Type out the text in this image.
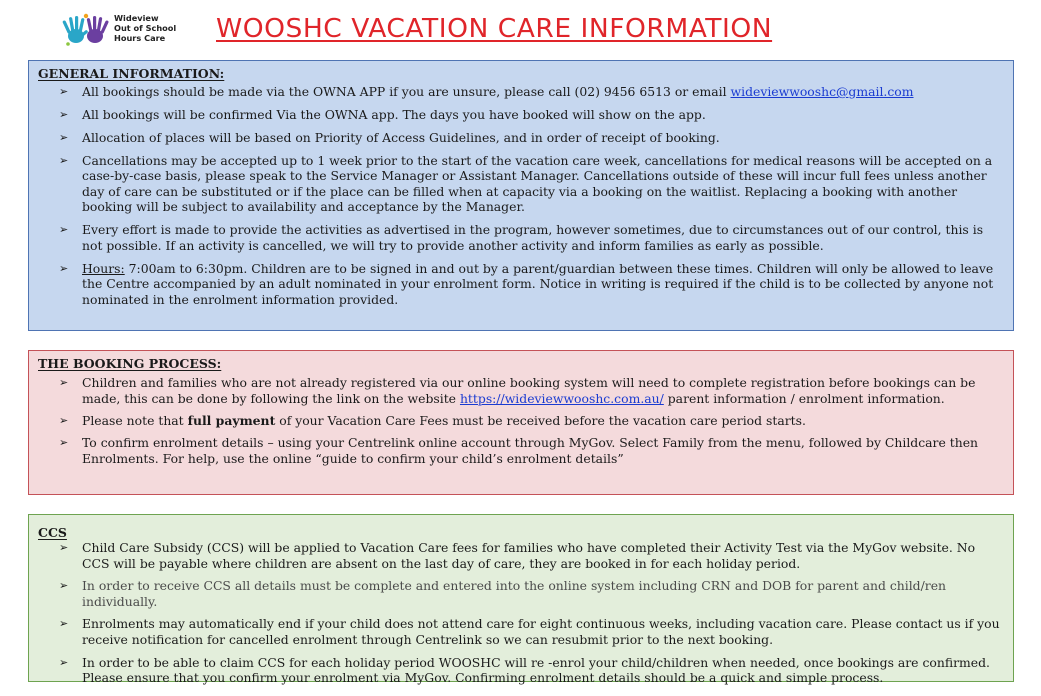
Wideview
Out of School
Hours Care	WOOSHC VACATION CARE INFORMATION
GENERAL INFORMATION:
➢ All bookings should be made via the OWNA APP if you are unsure, please call (02) 9456 6513 or email wideviewwooshc@gmail.com
➢ All bookings will be confirmed Via the OWNA app. The days you have booked will show on the app.
➢ Allocation of places will be based on Priority of Access Guidelines, and in order of receipt of booking.
➢ Cancellations may be accepted up to 1 week prior to the start of the vacation care week, cancellations for medical reasons will be accepted on a case-by-case basis, please speak to the Service Manager or Assistant Manager. Cancellations outside of these will incur full fees unless another day of care can be substituted or if the place can be filled when at capacity via a booking on the waitlist. Replacing a booking with another booking will be subject to availability and acceptance by the Manager.
➢ Every effort is made to provide the activities as advertised in the program, however sometimes, due to circumstances out of our control, this is not possible. If an activity is cancelled, we will try to provide another activity and inform families as early as possible.
➢ Hours: 7:00am to 6:30pm. Children are to be signed in and out by a parent/guardian between these times. Children will only be allowed to leave the Centre accompanied by an adult nominated in your enrolment form. Notice in writing is required if the child is to be collected by anyone not nominated in the enrolment information provided.
THE BOOKING PROCESS:
➢ Children and families who are not already registered via our online booking system will need to complete registration before bookings can be made, this can be done by following the link on the website https://wideviewwooshc.com.au/ parent information / enrolment information.
➢ Please note that full payment of your Vacation Care Fees must be received before the vacation care period starts.
➢ To confirm enrolment details – using your Centrelink online account through MyGov. Select Family from the menu, followed by Childcare then Enrolments. For help, use the online “guide to confirm your child’s enrolment details”
CCS
➢ Child Care Subsidy (CCS) will be applied to Vacation Care fees for families who have completed their Activity Test via the MyGov website. No CCS will be payable where children are absent on the last day of care, they are booked in for each holiday period.
➢ In order to receive CCS all details must be complete and entered into the online system including CRN and DOB for parent and child/ren individually.
➢ Enrolments may automatically end if your child does not attend care for eight continuous weeks, including vacation care. Please contact us if you receive notification for cancelled enrolment through Centrelink so we can resubmit prior to the next booking.
➢ In order to be able to claim CCS for each holiday period WOOSHC will re -enrol your child/children when needed, once bookings are confirmed. Please ensure that you confirm your enrolment via MyGov. Confirming enrolment details should be a quick and simple process.
